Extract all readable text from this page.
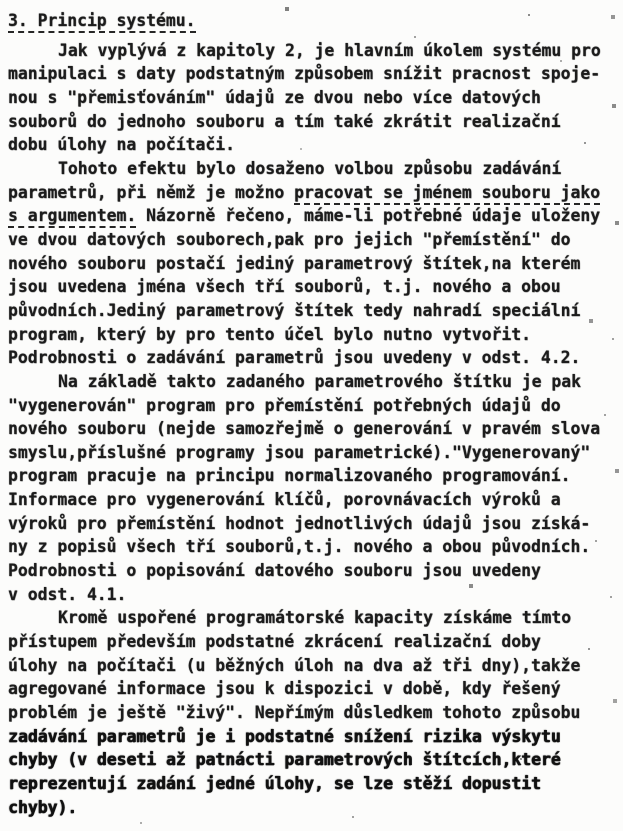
3. Princip systému.
Jak vyplývá z kapitoly 2, je hlavním úkolem systému pro
manipulaci s daty podstatným způsobem snížit pracnost spoje-
nou s "přemisťováním" údajů ze dvou nebo více datových
souborů do jednoho souboru a tím také zkrátit realizační
dobu úlohy na počítači.
Tohoto efektu bylo dosaženo volbou způsobu zadávání
parametrů, při němž je možno pracovat se jménem souboru jako
s argumentem. Názorně řečeno, máme-li potřebné údaje uloženy
ve dvou datových souborech,pak pro jejich "přemístění" do
nového souboru postačí jediný parametrový štítek,na kterém
jsou uvedena jména všech tří souborů, t.j. nového a obou
původních.Jediný parametrový štítek tedy nahradí speciální
program, který by pro tento účel bylo nutno vytvořit.
Podrobnosti o zadávání parametrů jsou uvedeny v odst. 4.2.
Na základě takto zadaného parametrového štítku je pak
"vygenerován" program pro přemístění potřebných údajů do
nového souboru (nejde samozřejmě o generování v pravém slova
smyslu,příslušné programy jsou parametrické)."Vygenerovaný"
program pracuje na principu normalizovaného programování.
Informace pro vygenerování klíčů, porovnávacích výroků a
výroků pro přemístění hodnot jednotlivých údajů jsou získá-
ny z popisů všech tří souborů,t.j. nového a obou původních.
Podrobnosti o popisování datového souboru jsou uvedeny
v odst. 4.1.
Kromě uspořené programátorské kapacity získáme tímto
přístupem především podstatné zkrácení realizační doby
úlohy na počítači (u běžných úloh na dva až tři dny),takže
agregované informace jsou k dispozici v době, kdy řešený
problém je ještě "živý". Nepřímým důsledkem tohoto způsobu
zadávání parametrů je i podstatné snížení rizika výskytu
chyby (v deseti až patnácti parametrových štítcích,které
reprezentují zadání jedné úlohy, se lze stěží dopustit
chyby).
